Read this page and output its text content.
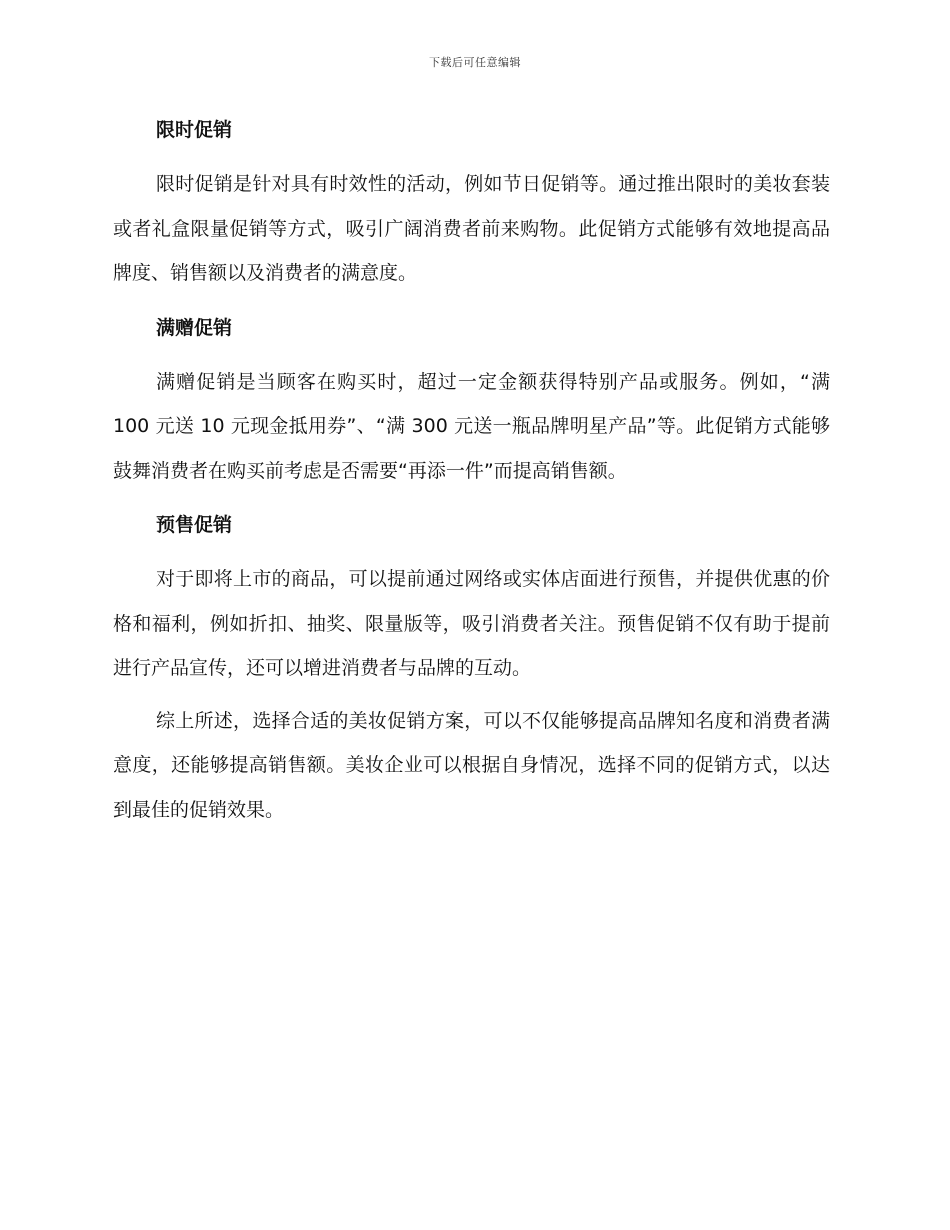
下载后可任意编辑
限时促销

限时促销是针对具有时效性的活动，例如节日促销等。通过推出限时的美妆套装或者礼盒限量促销等方式，吸引广阔消费者前来购物。此促销方式能够有效地提高品牌度、销售额以及消费者的满意度。

满赠促销

满赠促销是当顾客在购买时，超过一定金额获得特别产品或服务。例如，“满 100 元送 10 元现金抵用券”、“满 300 元送一瓶品牌明星产品”等。此促销方式能够鼓舞消费者在购买前考虑是否需要“再添一件”而提高销售额。

预售促销

对于即将上市的商品，可以提前通过网络或实体店面进行预售，并提供优惠的价格和福利，例如折扣、抽奖、限量版等，吸引消费者关注。预售促销不仅有助于提前进行产品宣传，还可以增进消费者与品牌的互动。

综上所述，选择合适的美妆促销方案，可以不仅能够提高品牌知名度和消费者满意度，还能够提高销售额。美妆企业可以根据自身情况，选择不同的促销方式，以达到最佳的促销效果。
